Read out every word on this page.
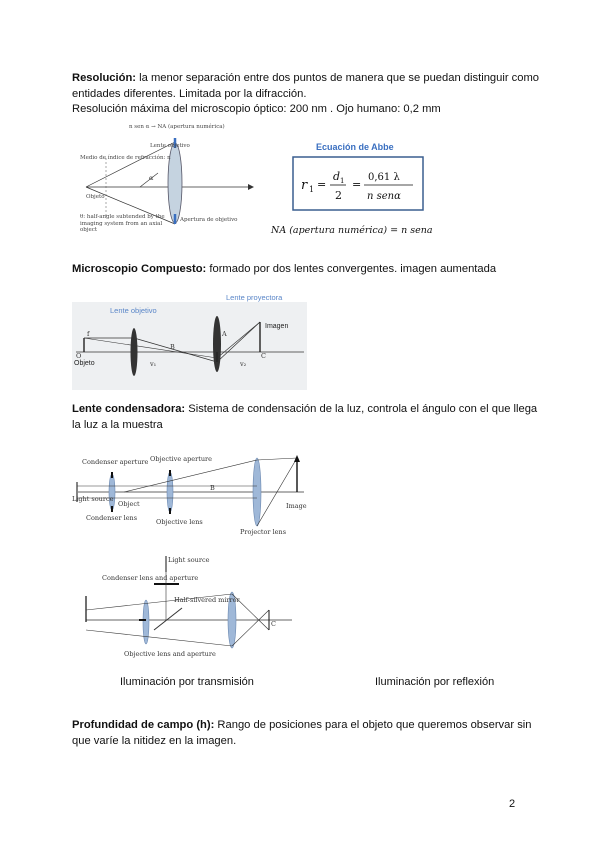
Resolución: la menor separación entre dos puntos de manera que se puedan distinguir como entidades diferentes. Limitada por la difracción.
Resolución máxima del microscopio óptico: 200 nm . Ojo humano: 0,2 mm
n sen α → NA (apertura numérica)
α
Medio de índice de refracción: n
Lente objetivo
Objeto
Apertura de objetivo
θ: half-angle subtended by the imaging system from an axial object
Ecuación de Abbe
r 1 =
d 1
2
=
0,61 λ
n senα
NA (apertura numérica) = n sena
Microscopio Compuesto: formado por dos lentes convergentes. imagen aumentada
Lente proyectora
Lente objetivo
O
B
A
C
f
v₁	v₂
Imagen
Objeto
Lente condensadora: Sistema de condensación de la luz, controla el ángulo con el que llega la luz a la muestra
B
Condenser aperture Objective aperture
Light source
Object
Condenser lens	Objective lens
Projector lens
Image
Light source
Condenser lens and aperture
Half-silvered mirror
Objective lens and aperture
C
Iluminación por transmisión	Iluminación por reflexión
Profundidad de campo (h): Rango de posiciones para el objeto que queremos observar sin que varíe la nitidez en la imagen.
2
